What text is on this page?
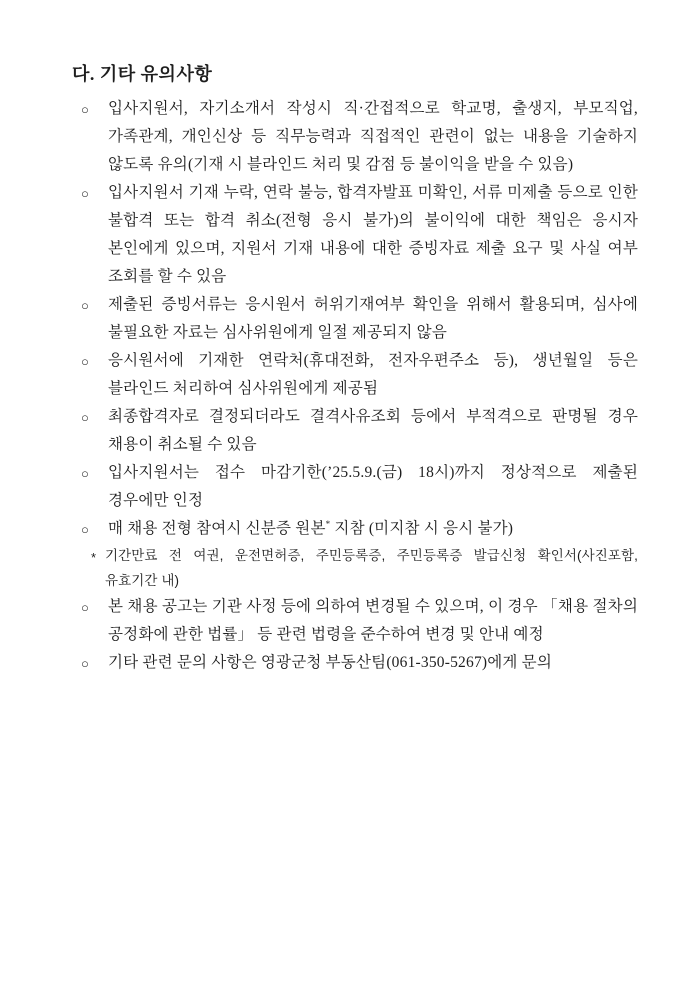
다. 기타 유의사항
○ 입사지원서, 자기소개서 작성시 직·간접적으로 학교명, 출생지, 부모직업, 가족관계, 개인신상 등 직무능력과 직접적인 관련이 없는 내용을 기술하지 않도록 유의(기재 시 블라인드 처리 및 감점 등 불이익을 받을 수 있음)
○ 입사지원서 기재 누락, 연락 불능, 합격자발표 미확인, 서류 미제출 등으로 인한 불합격 또는 합격 취소(전형 응시 불가)의 불이익에 대한 책임은 응시자 본인에게 있으며, 지원서 기재 내용에 대한 증빙자료 제출 요구 및 사실 여부 조회를 할 수 있음
○ 제출된 증빙서류는 응시원서 허위기재여부 확인을 위해서 활용되며, 심사에 불필요한 자료는 심사위원에게 일절 제공되지 않음
○ 응시원서에 기재한 연락처(휴대전화, 전자우편주소 등), 생년월일 등은 블라인드 처리하여 심사위원에게 제공됨
○ 최종합격자로 결정되더라도 결격사유조회 등에서 부적격으로 판명될 경우 채용이 취소될 수 있음
○ 입사지원서는 접수 마감기한(’25.5.9.(금) 18시)까지 정상적으로 제출된 경우에만 인정
○ 매 채용 전형 참여시 신분증 원본* 지참 (미지참 시 응시 불가)
* 기간만료 전 여권, 운전면허증, 주민등록증, 주민등록증 발급신청 확인서(사진포함, 유효기간 내)
○ 본 채용 공고는 기관 사정 등에 의하여 변경될 수 있으며, 이 경우 「채용 절차의 공정화에 관한 법률」 등 관련 법령을 준수하여 변경 및 안내 예정
○ 기타 관련 문의 사항은 영광군청 부동산팀(061-350-5267)에게 문의
